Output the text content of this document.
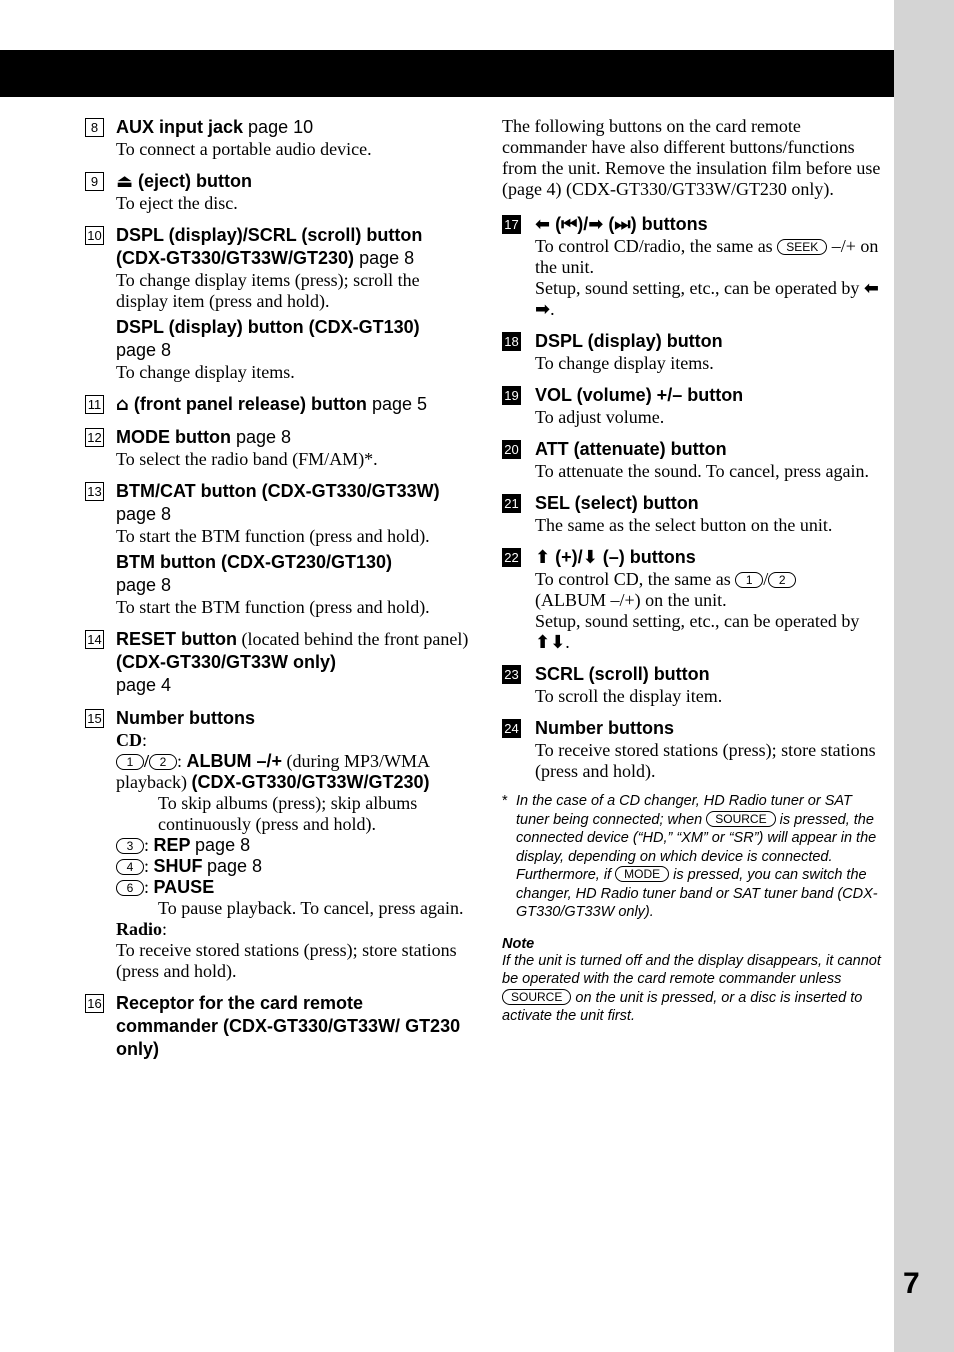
7
8 AUX input jack page 10
To connect a portable audio device.
9 ⏏ (eject) button
To eject the disc.
10 DSPL (display)/SCRL (scroll) button (CDX-GT330/GT33W/GT230) page 8
To change display items (press); scroll the display item (press and hold).
DSPL (display) button (CDX-GT130)
page 8
To change display items.
11 ⌂ (front panel release) button page 5
12 MODE button page 8
To select the radio band (FM/AM)*.
13 BTM/CAT button (CDX-GT330/GT33W)
page 8
To start the BTM function (press and hold).
BTM button (CDX-GT230/GT130)
page 8
To start the BTM function (press and hold).
14 RESET button (located behind the front panel) (CDX-GT330/GT33W only)
page 4
15 Number buttons
CD:
1 / 2 : ALBUM –/+ (during MP3/WMA playback) (CDX-GT330/GT33W/GT230)
To skip albums (press); skip albums continuously (press and hold).
3 : REP page 8
4 : SHUF page 8
6 : PAUSE
To pause playback. To cancel, press again.
Radio:
To receive stored stations (press); store stations (press and hold).
16 Receptor for the card remote commander (CDX-GT330/GT33W/ GT230 only)
The following buttons on the card remote commander have also different buttons/functions from the unit. Remove the insulation film before use (page 4) (CDX-GT330/GT33W/GT230 only).
17 ⬅ (⏮)/➡ (⏭) buttons
To control CD/radio, the same as SEEK –/+ on the unit.
Setup, sound setting, etc., can be operated by ⬅ ➡.
18 DSPL (display) button
To change display items.
19 VOL (volume) +/– button
To adjust volume.
20 ATT (attenuate) button
To attenuate the sound. To cancel, press again.
21 SEL (select) button
The same as the select button on the unit.
22 ⬆ (+)/⬇ (–) buttons
To control CD, the same as 1 / 2
(ALBUM –/+) on the unit.
Setup, sound setting, etc., can be operated by ⬆⬇.
23 SCRL (scroll) button
To scroll the display item.
24 Number buttons
To receive stored stations (press); store stations (press and hold).
* In the case of a CD changer, HD Radio tuner or SAT tuner being connected; when SOURCE is pressed, the connected device (“HD,” “XM” or “SR”) will appear in the display, depending on which device is connected. Furthermore, if MODE is pressed, you can switch the changer, HD Radio tuner band or SAT tuner band (CDX-GT330/GT33W only).
Note
If the unit is turned off and the display disappears, it cannot be operated with the card remote commander unless SOURCE on the unit is pressed, or a disc is inserted to activate the unit first.
